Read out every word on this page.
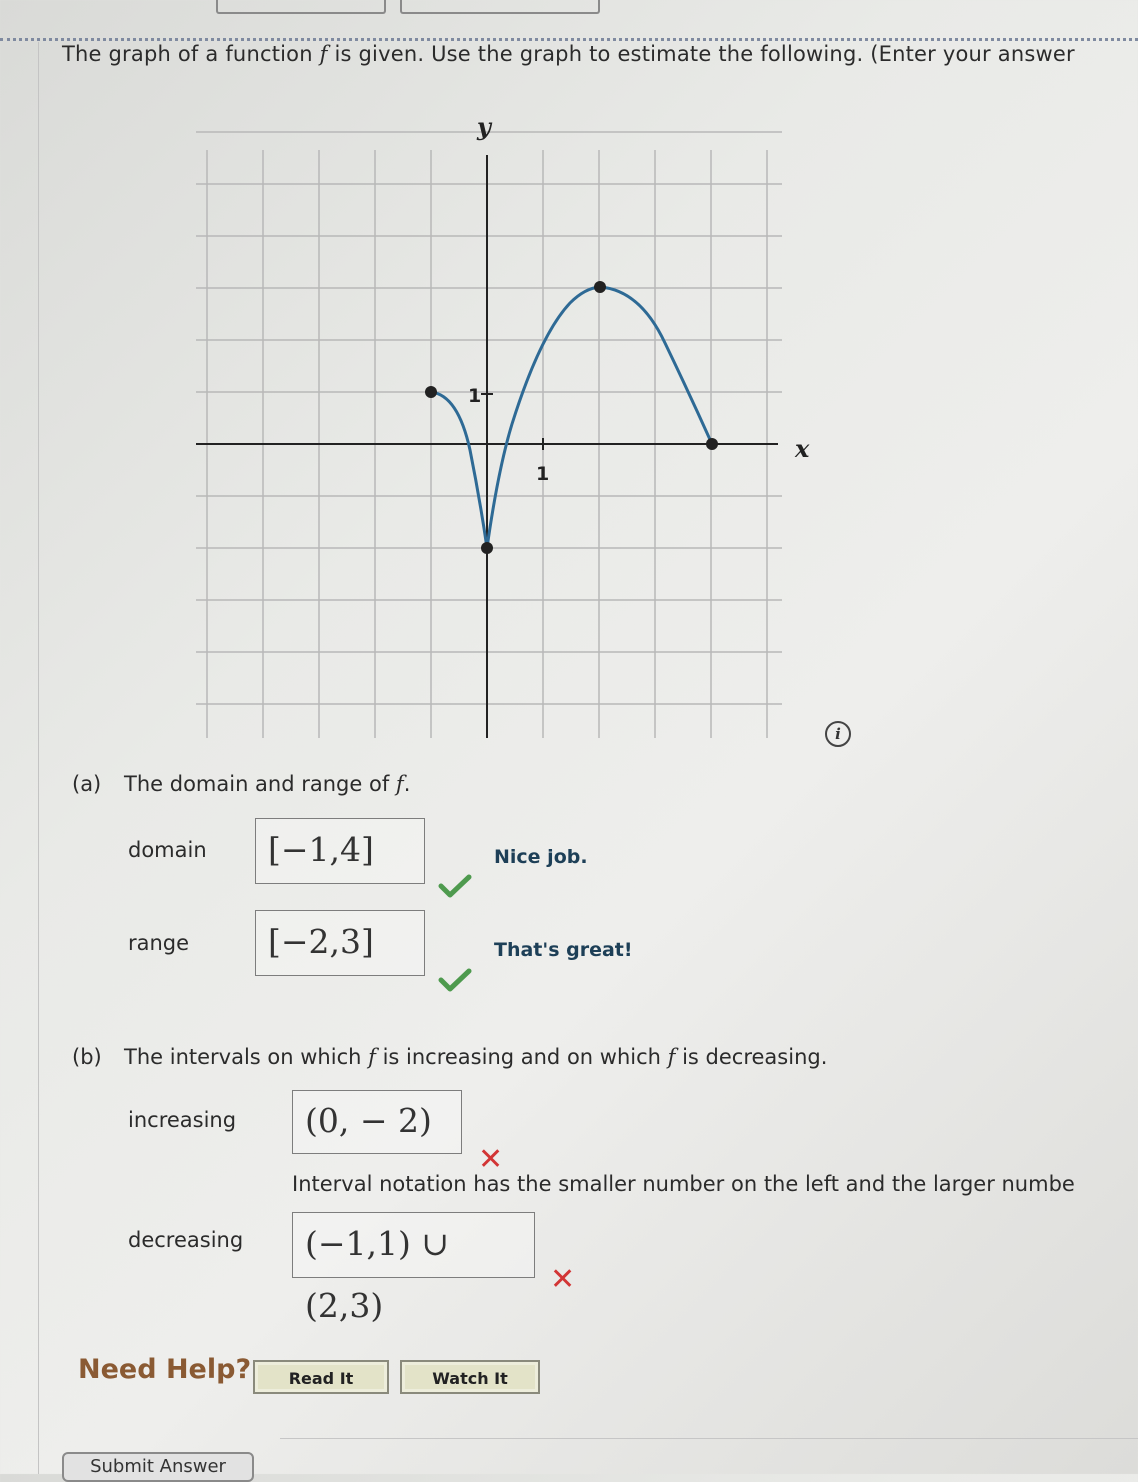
The graph of a function f is given. Use the graph to estimate the following. (Enter your answer
x
y
1
1
i
(a) The domain and range of f.
domain	[−1,4]	Nice job.
range	[−2,3]	That's great!
(b) The intervals on which f is increasing and on which f is decreasing.
increasing	(0, − 2)
✕
Interval notation has the smaller number on the left and the larger numbe
decreasing	(−1,1) ∪ (2,3)
✕
Need Help?	Read It	Watch It
Submit Answer
